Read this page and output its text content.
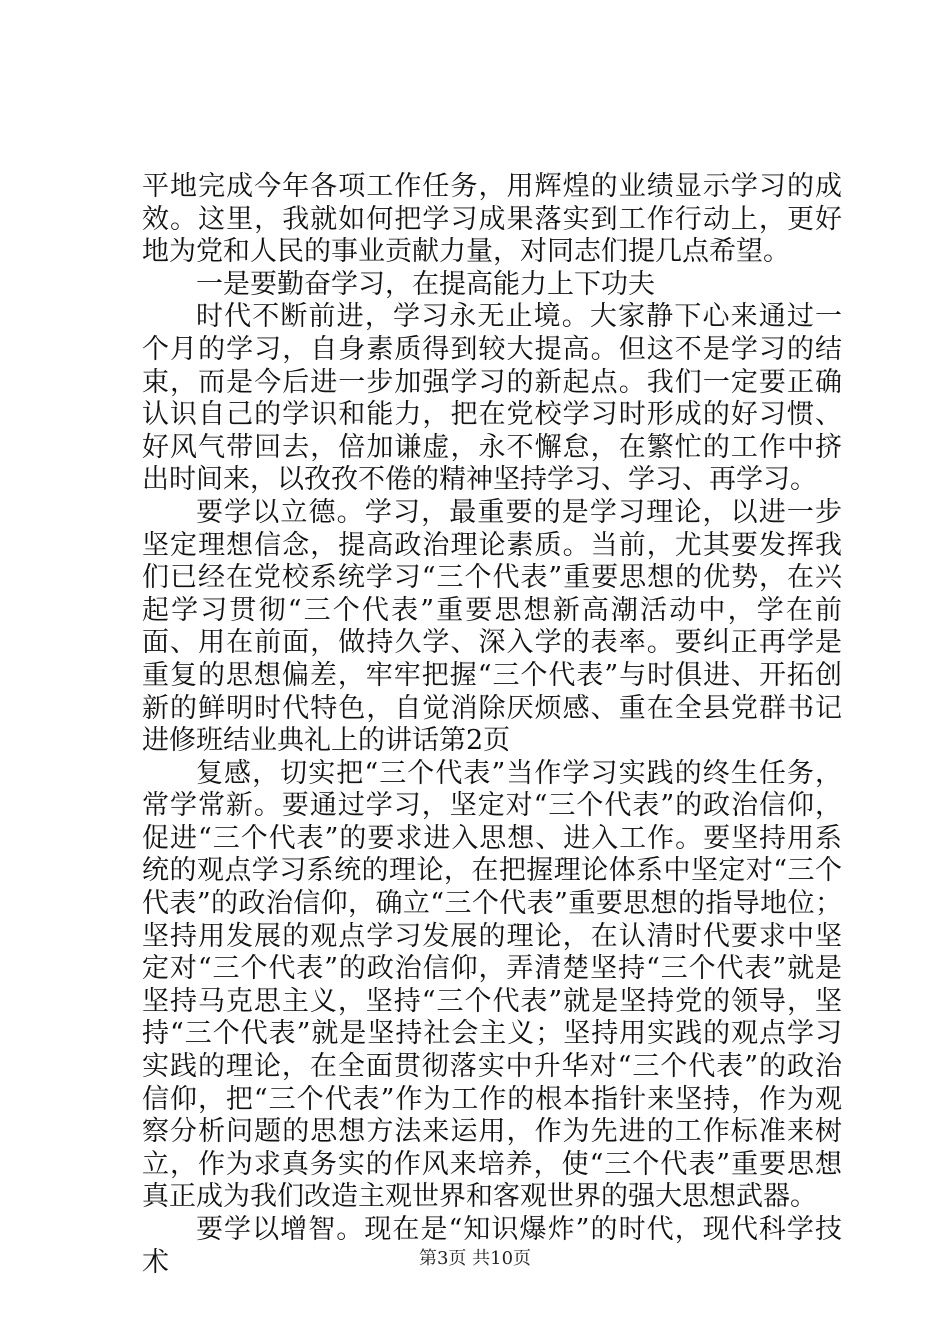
平地完成今年各项工作任务，用辉煌的业绩显示学习的成效。这里，我就如何把学习成果落实到工作行动上，更好地为党和人民的事业贡献力量，对同志们提几点希望。

一是要勤奋学习，在提高能力上下功夫

时代不断前进，学习永无止境。大家静下心来通过一个月的学习，自身素质得到较大提高。但这不是学习的结束，而是今后进一步加强学习的新起点。我们一定要正确认识自己的学识和能力，把在党校学习时形成的好习惯、好风气带回去，倍加谦虚，永不懈怠，在繁忙的工作中挤出时间来，以孜孜不倦的精神坚持学习、学习、再学习。

要学以立德。学习，最重要的是学习理论，以进一步坚定理想信念，提高政治理论素质。当前，尤其要发挥我们已经在党校系统学习“三个代表”重要思想的优势，在兴起学习贯彻“三个代表”重要思想新高潮活动中，学在前面、用在前面，做持久学、深入学的表率。要纠正再学是重复的思想偏差，牢牢把握“三个代表”与时俱进、开拓创新的鲜明时代特色，自觉消除厌烦感、重在全县党群书记进修班结业典礼上的讲话第2页

复感，切实把“三个代表”当作学习实践的终生任务，常学常新。要通过学习，坚定对“三个代表”的政治信仰，促进“三个代表”的要求进入思想、进入工作。要坚持用系统的观点学习系统的理论，在把握理论体系中坚定对“三个代表”的政治信仰，确立“三个代表”重要思想的指导地位；坚持用发展的观点学习发展的理论，在认清时代要求中坚定对“三个代表”的政治信仰，弄清楚坚持“三个代表”就是坚持马克思主义，坚持“三个代表”就是坚持党的领导，坚持“三个代表”就是坚持社会主义；坚持用实践的观点学习实践的理论，在全面贯彻落实中升华对“三个代表”的政治信仰，把“三个代表”作为工作的根本指针来坚持，作为观察分析问题的思想方法来运用，作为先进的工作标准来树立，作为求真务实的作风来培养，使“三个代表”重要思想真正成为我们改造主观世界和客观世界的强大思想武器。

要学以增智。现在是“知识爆炸”的时代，现代科学技术	第3页 共10页
